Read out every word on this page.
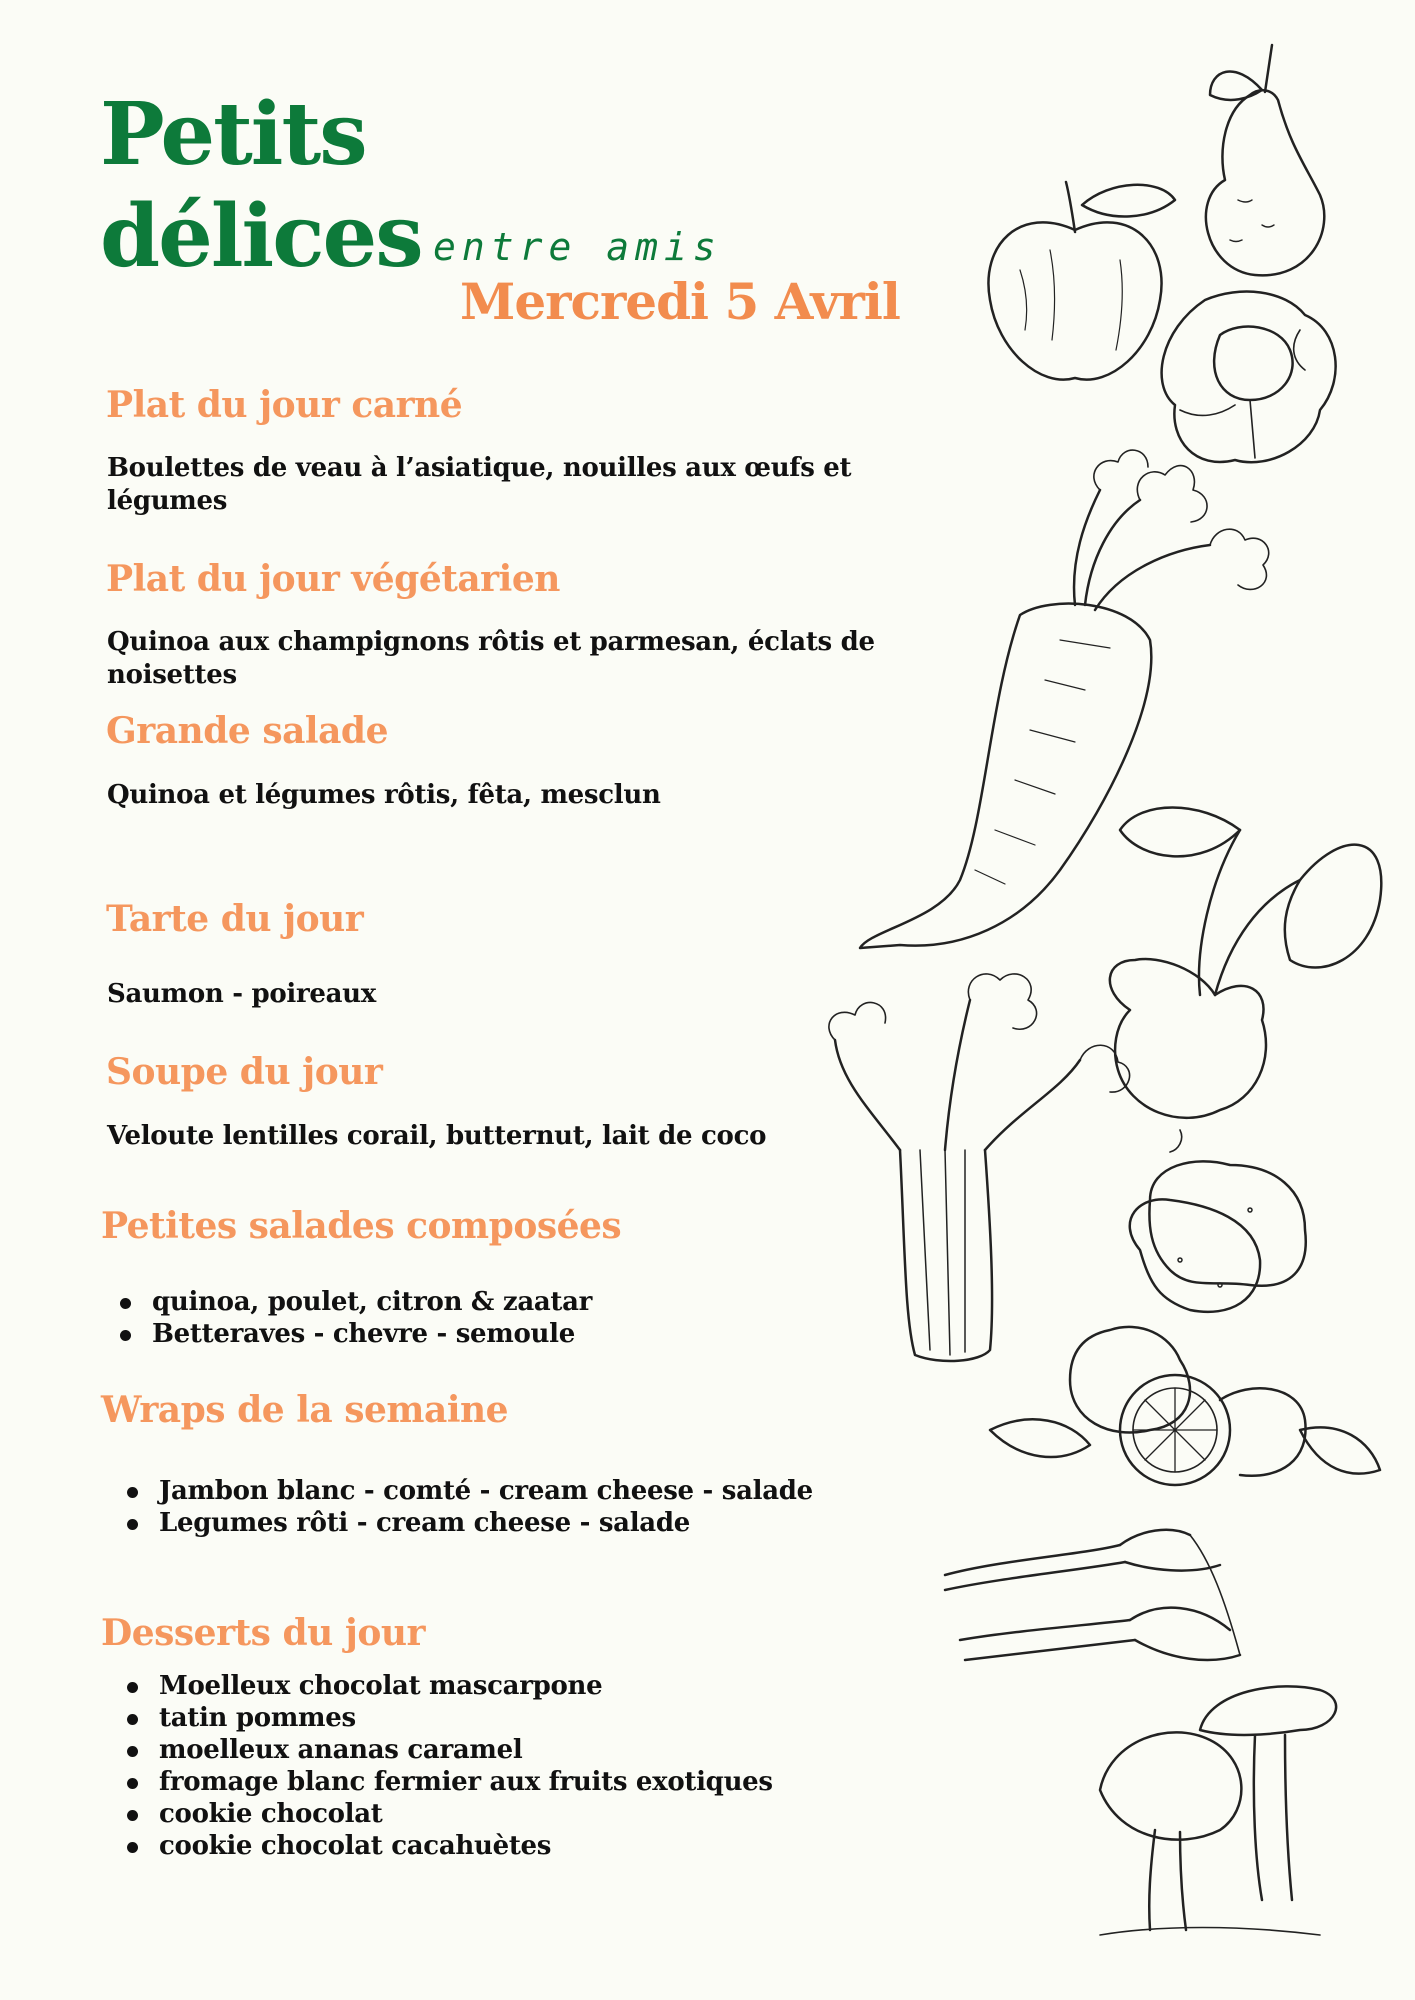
Petits
délices entre amis
Mercredi 5 Avril
Plat du jour carné

Boulettes de veau à l’asiatique, nouilles aux œufs et légumes

Plat du jour végétarien

Quinoa aux champignons rôtis et parmesan, éclats de noisettes

Grande salade

Quinoa et légumes rôtis, fêta, mesclun

Tarte du jour

Saumon - poireaux

Soupe du jour

Veloute lentilles corail, butternut, lait de coco

Petites salades composées
quinoa, poulet, citron & zaatar
Betteraves - chevre - semoule
Wraps de la semaine
Jambon blanc - comté - cream cheese - salade
Legumes rôti - cream cheese - salade
Desserts du jour
Moelleux chocolat mascarpone
tatin pommes
moelleux ananas caramel
fromage blanc fermier aux fruits exotiques
cookie chocolat
cookie chocolat cacahuètes
